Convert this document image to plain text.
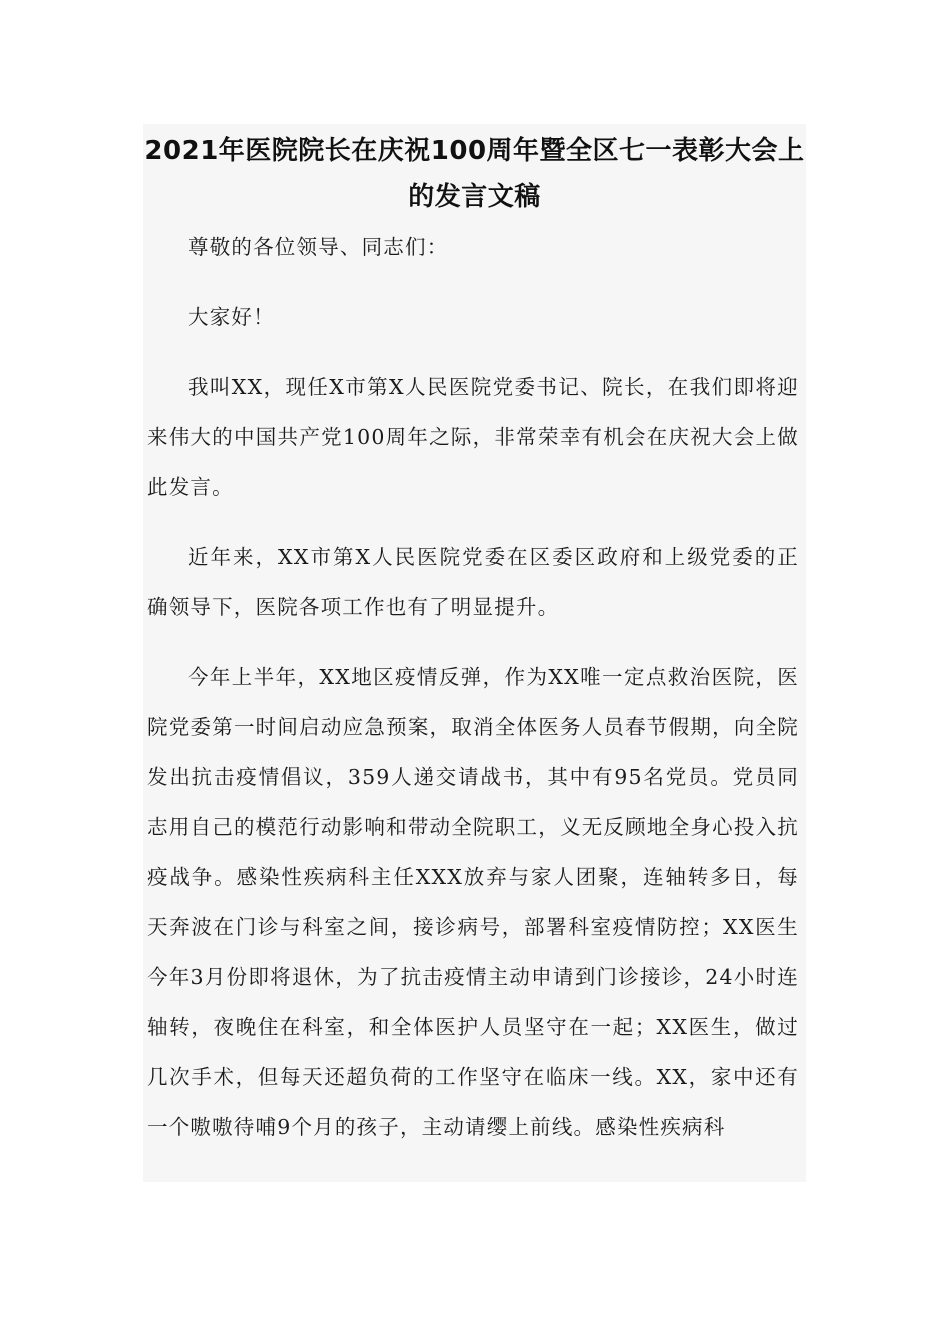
2021年医院院长在庆祝100周年暨全区七一表彰大会上的发言文稿

尊敬的各位领导、同志们：

大家好！

我叫XX，现任X市第X人民医院党委书记、院长，在我们即将迎来伟大的中国共产党100周年之际，非常荣幸有机会在庆祝大会上做此发言。

近年来，XX市第X人民医院党委在区委区政府和上级党委的正确领导下，医院各项工作也有了明显提升。

今年上半年，XX地区疫情反弹，作为XX唯一定点救治医院，医院党委第一时间启动应急预案，取消全体医务人员春节假期，向全院发出抗击疫情倡议，359人递交请战书，其中有95名党员。党员同志用自己的模范行动影响和带动全院职工，义无反顾地全身心投入抗疫战争。感染性疾病科主任XXX放弃与家人团聚，连轴转多日，每天奔波在门诊与科室之间，接诊病号，部署科室疫情防控；XX医生今年3月份即将退休，为了抗击疫情主动申请到门诊接诊，24小时连轴转，夜晚住在科室，和全体医护人员坚守在一起；XX医生，做过几次手术，但每天还超负荷的工作坚守在临床一线。XX，家中还有一个嗷嗷待哺9个月的孩子，主动请缨上前线。感染性疾病科
